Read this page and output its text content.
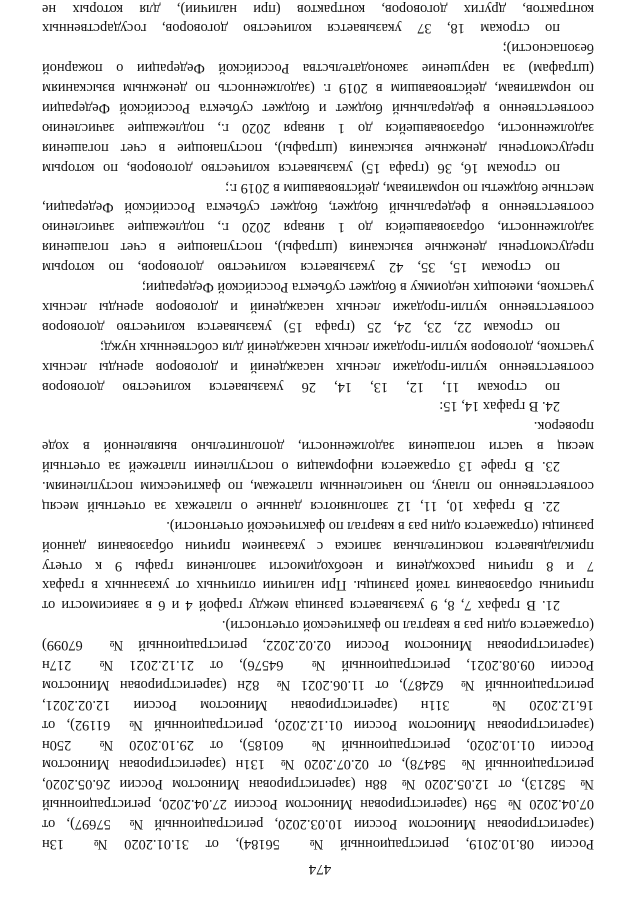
474
России 08.10.2019, регистрационный № 56184), от 31.01.2020 № 13н
(зарегистрирован Минюстом России 10.03.2020, регистрационный № 57697), от
07.04.2020 № 59н (зарегистрирован Минюстом России 27.04.2020, регистрационный
№ 58213), от 12.05.2020 № 88н (зарегистрирован Минюстом России 26.05.2020,
регистрационный № 58478), от 02.07.2020 № 131н (зарегистрирован Минюстом
России 01.10.2020, регистрационный № 60185), от 29.10.2020 № 250н
(зарегистрирован Минюстом России 01.12.2020, регистрационный № 61192), от
16.12.2020 № 311н (зарегистрирован Минюстом России 12.02.2021,
регистрационный № 62487), от 11.06.2021 № 82н (зарегистрирован Минюстом
России 09.08.2021, регистрационный № 64576), от 21.12.2021 № 217н
(зарегистрирован Минюстом России 02.02.2022, регистрационный № 67099)
(отражается один раз в квартал по фактической отчетности).
21. В графах 7, 8, 9 указывается разница между графой 4 и 6 в зависимости от
причины образования такой разницы. При наличии отличных от указанных в графах
7 и 8 причин расхождения и необходимости заполнения графы 9 к отчету
прикладывается пояснительная записка с указанием причин образования данной
разницы (отражается один раз в квартал по фактической отчетности).
22. В графах 10, 11, 12 заполняются данные о платежах за отчетный месяц
соответственно по плану, по начисленным платежам, по фактическим поступлениям.
23. В графе 13 отражается информация о поступлении платежей за отчетный
месяц в части погашения задолженности, дополнительно выявленной в ходе
проверок.
24. В графах 14, 15:
по строкам 11, 12, 13, 14, 26 указывается количество договоров
соответственно купли-продажи лесных насаждений и договоров аренды лесных
участков, договоров купли-продажи лесных насаждений для собственных нужд;
по строкам 22, 23, 24, 25 (графа 15) указывается количество договоров
соответственно купли-продажи лесных насаждений и договоров аренды лесных
участков, имеющих недоимку в бюджет субъекта Российской Федерации;
по строкам 15, 35, 42 указывается количество договоров, по которым
предусмотрены денежные взыскания (штрафы), поступающие в счет погашения
задолженности, образовавшейся до 1 января 2020 г., подлежащие зачислению
соответственно в федеральный бюджет, бюджет субъекта Российской Федерации,
местные бюджеты по нормативам, действовавшим в 2019 г.;
по строкам 16, 36 (графа 15) указывается количество договоров, по которым
предусмотрены денежные взыскания (штрафы), поступающие в счет погашения
задолженности, образовавшейся до 1 января 2020 г., подлежащие зачислению
соответственно в федеральный бюджет и бюджет субъекта Российской Федерации
по нормативам, действовавшим в 2019 г. (задолженность по денежным взысканиям
(штрафам) за нарушение законодательства Российской Федерации о пожарной
безопасности);
по строкам 18, 37 указывается количество договоров, государственных
контрактов, других договоров, контрактов (при наличии), для которых не
